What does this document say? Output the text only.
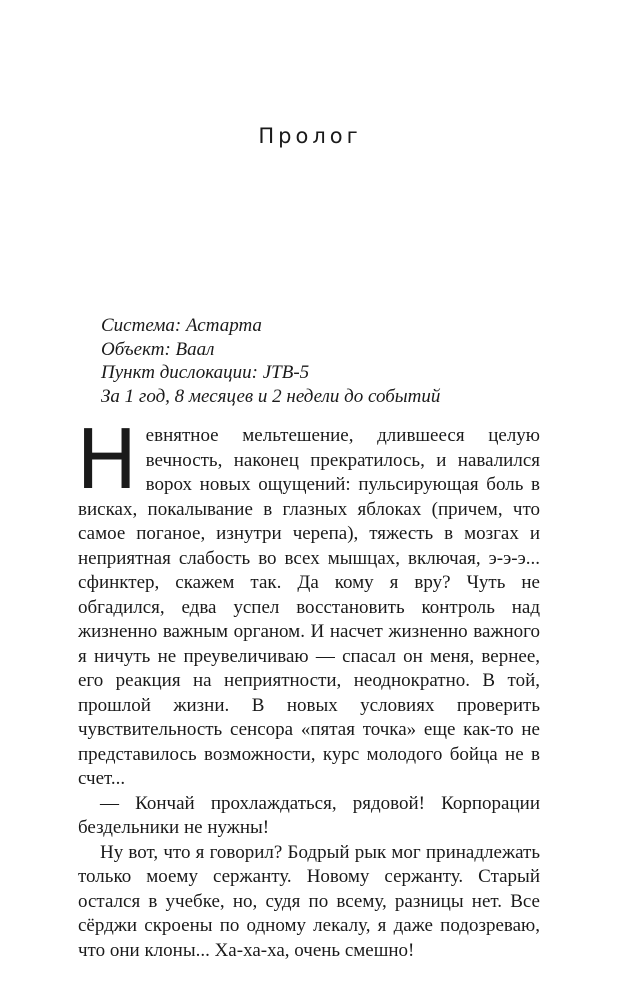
Пролог
Система: Астарта
Объект: Ваал
Пункт дислокации: JTB-5
За 1 год, 8 месяцев и 2 недели до событий

Невнятное мельтешение, длившееся целую вечность, наконец прекратилось, и навалился ворох новых ощущений: пульсирующая боль в висках, покалывание в глазных яблоках (причем, что самое поганое, изнутри черепа), тяжесть в мозгах и неприятная слабость во всех мышцах, включая, э-э-э... сфинктер, скажем так. Да кому я вру? Чуть не обгадился, едва успел восстановить контроль над жизненно важным органом. И насчет жизненно важного я ничуть не преувеличиваю — спасал он меня, вернее, его реакция на неприятности, неоднократно. В той, прошлой жизни. В новых условиях проверить чувствительность сенсора «пятая точка» еще как-то не представилось возможности, курс молодого бойца не в счет...

— Кончай прохлаждаться, рядовой! Корпорации бездельники не нужны!

Ну вот, что я говорил? Бодрый рык мог принадлежать только моему сержанту. Новому сержанту. Старый остался в учебке, но, судя по всему, разницы нет. Все сёрджи скроены по одному лекалу, я даже подозреваю, что они клоны... Ха-ха-ха, очень смешно!
